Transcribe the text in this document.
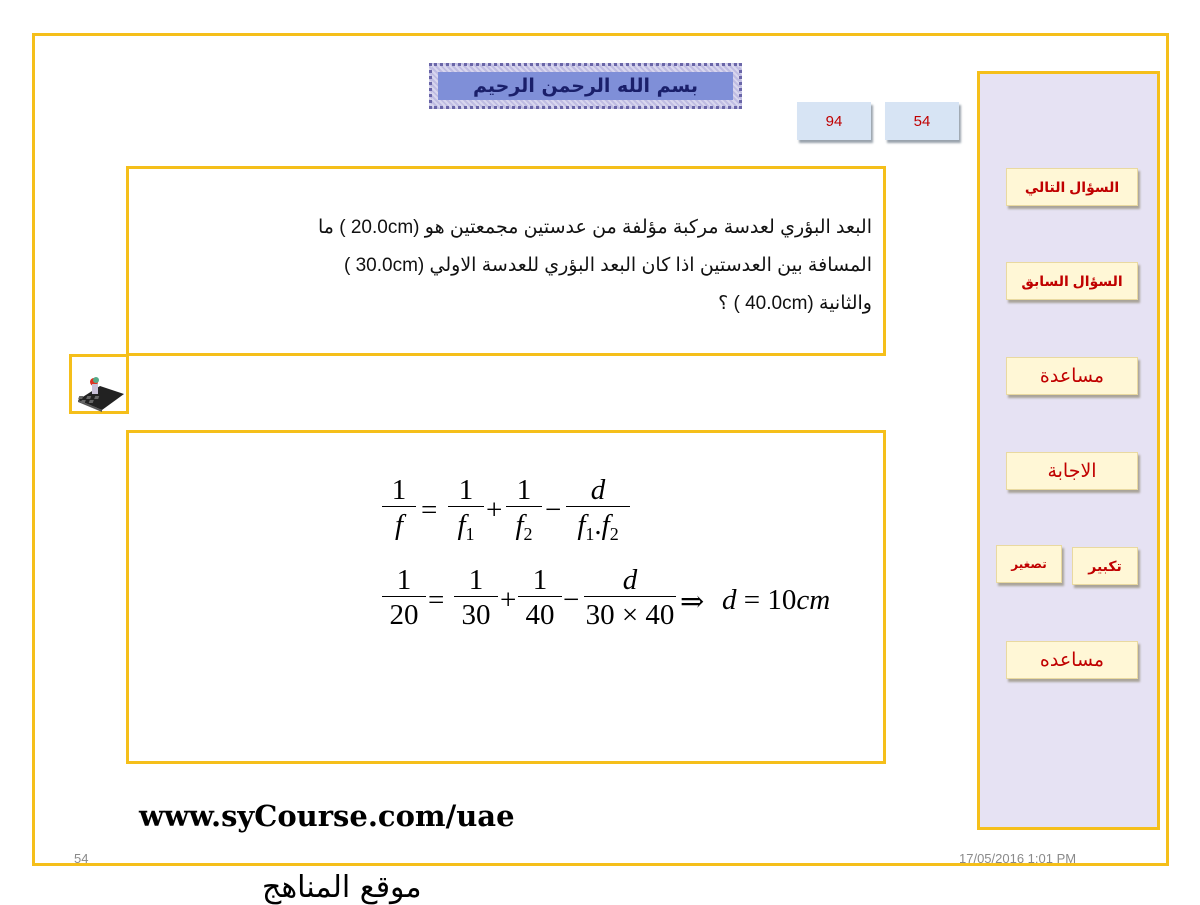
بسم الله الرحمن الرحيم
94	54
البعد البؤري لعدسة مركبة مؤلفة من عدستين مجمعتين هو (20.0cm ) ما
المسافة بين العدستين اذا كان البعد البؤري للعدسة الاولي (30.0cm )
والثانية (40.0cm ) ؟
1
f =
1
$f_1$
+
1
$f_2$
−
d
$f_1.f_2$
1
20 =
1
30 +
1
40 −
d
30 × 40 ⇒ d = 10cm
السؤال التالي
السؤال السابق
مساعدة
الاجابة
تكبير
تصغير
مساعده
www.syCourse.com/uae
54	17/05/2016 1:01 PM
موقع المناهج
